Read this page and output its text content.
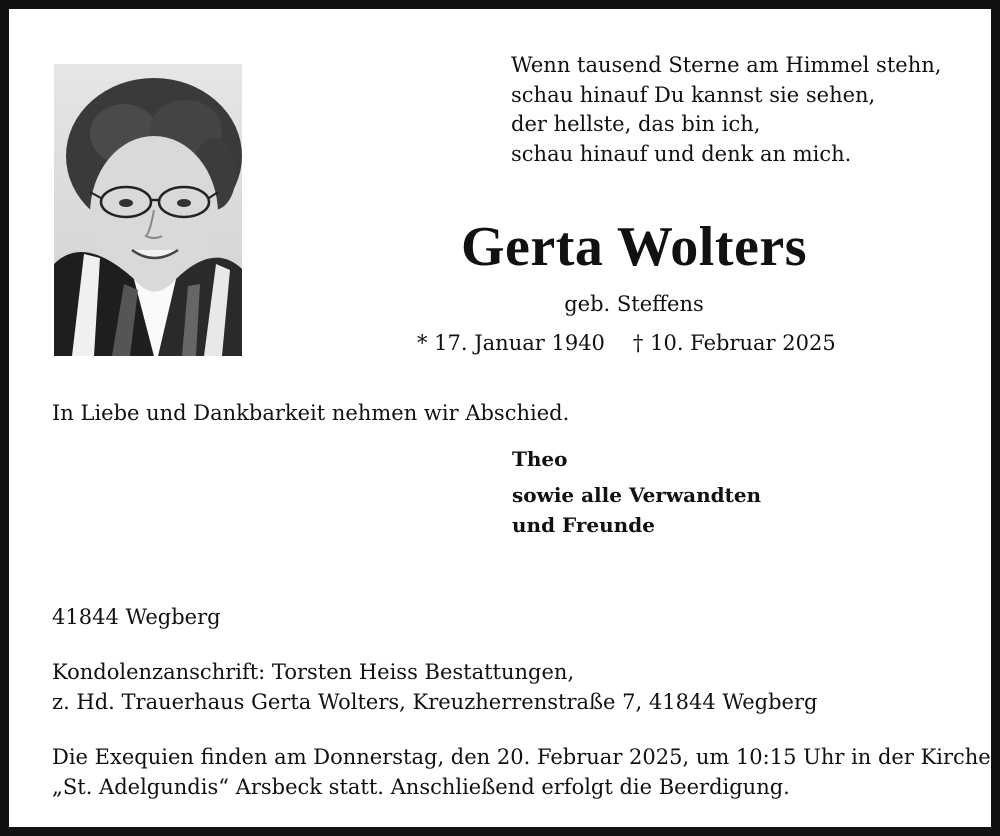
Wenn tausend Sterne am Himmel stehn,
schau hinauf Du kannst sie sehen,
der hellste, das bin ich,
schau hinauf und denk an mich.
Gerta Wolters
geb. Steffens
* 17. Januar 1940 † 10. Februar 2025
In Liebe und Dankbarkeit nehmen wir Abschied.
Theo
sowie alle Verwandten
und Freunde
41844 Wegberg
Kondolenzanschrift: Torsten Heiss Bestattungen,
z. Hd. Trauerhaus Gerta Wolters, Kreuzherrenstraße 7, 41844 Wegberg
Die Exequien finden am Donnerstag, den 20. Februar 2025, um 10:15 Uhr in der Kirche
„St. Adelgundis“ Arsbeck statt. Anschließend erfolgt die Beerdigung.
